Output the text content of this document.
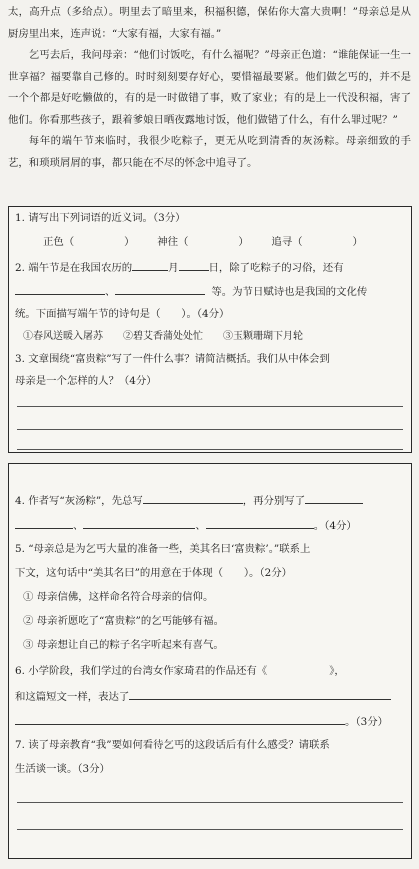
太，高升点（多给点）。明里去了暗里来，积福积德，保佑你大富大贵啊！”母亲总是从厨房里出来，连声说：“大家有福，大家有福。”

乞丐去后，我问母亲：“他们讨饭吃，有什么福呢？”母亲正色道：“谁能保证一生一世享福？福要靠自己修的。时时刻刻要存好心，要惜福最要紧。他们做乞丐的，并不是一个个都是好吃懒做的，有的是一时做错了事，败了家业；有的是上一代没积福，害了他们。你看那些孩子，跟着爹娘日晒夜露地讨饭，他们做错了什么，有什么罪过呢？”

每年的端午节来临时，我很少吃粽子，更无从吃到清香的灰汤粽。母亲细致的手艺，和琐琐屑屑的事，都只能在不尽的怀念中追寻了。

1. 请写出下列词语的近义词。（3分）
正色（	） 神往（	） 追寻（	）
2. 端午节是在我国农历的	月	日，除了吃粽子的习俗，还有
、	等。为节日赋诗也是我国的文化传
统。下面描写端午节的诗句是（　　）。（4分）
①春风送暖入屠苏 ②碧艾香蒲处处忙 ③玉颗珊瑚下月轮
3. 文章围绕“富贵粽”写了一件什么事？请简洁概括。我们从中体会到
母亲是一个怎样的人？（4分）
4. 作者写“灰汤粽”，先总写	，再分别写了
、	、	。（4分）
5. “母亲总是为乞丐大量的准备一些，美其名曰‘富贵粽’。”联系上
下文，这句话中“美其名曰”的用意在于体现（　　）。（2分）
① 母亲信佛，这样命名符合母亲的信仰。
② 母亲祈愿吃了“富贵粽”的乞丐能够有福。
③ 母亲想让自己的粽子名字听起来有喜气。
6. 小学阶段，我们学过的台湾女作家琦君的作品还有《	》，
和这篇短文一样，表达了
。（3分）
7. 读了母亲教育“我”要如何看待乞丐的这段话后有什么感受？请联系
生活谈一谈。（3分）
